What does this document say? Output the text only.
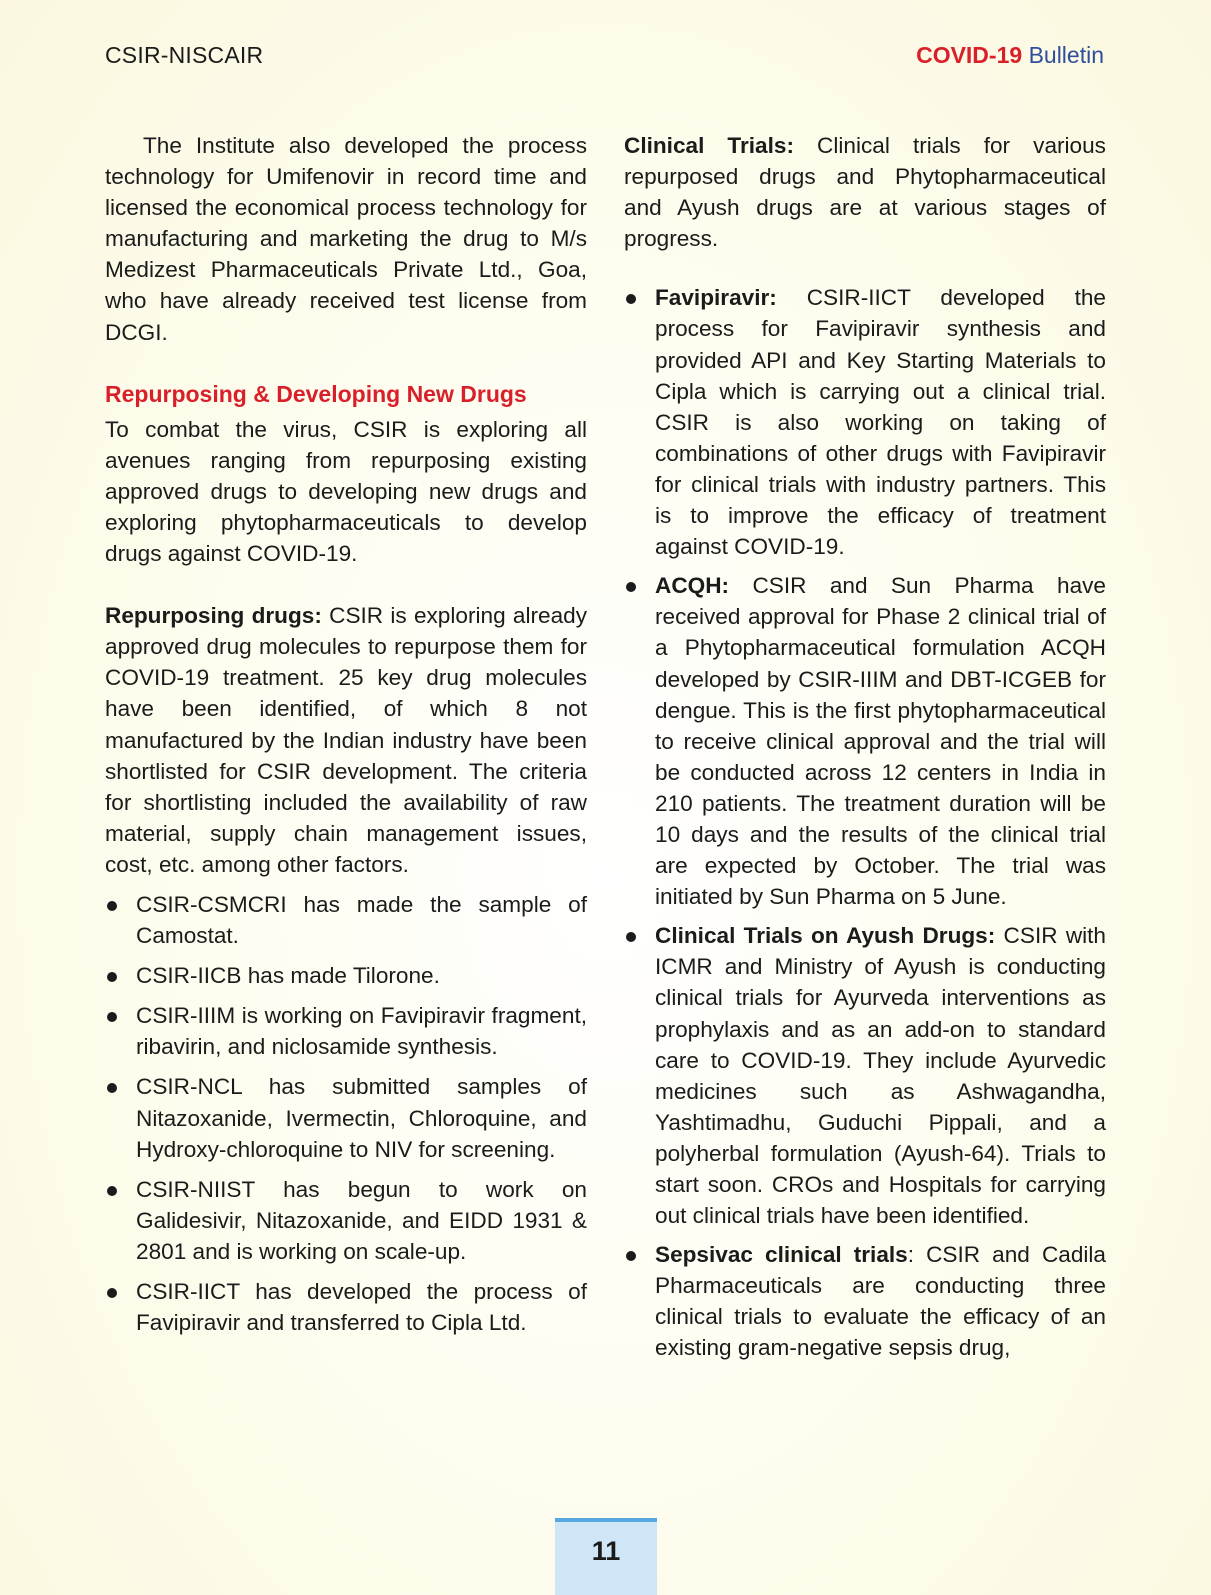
CSIR-NISCAIR	COVID-19 Bulletin

The Institute also developed the process technology for Umifenovir in record time and licensed the economical process technology for manufacturing and marketing the drug to M/s Medizest Pharmaceuticals Private Ltd., Goa, who have already received test license from DCGI.

Repurposing & Developing New Drugs

To combat the virus, CSIR is exploring all avenues ranging from repurposing existing approved drugs to developing new drugs and exploring phytopharmaceuticals to develop drugs against COVID-19.

Repurposing drugs: CSIR is exploring already approved drug molecules to repurpose them for COVID-19 treatment. 25 key drug molecules have been identified, of which 8 not manufactured by the Indian industry have been shortlisted for CSIR development. The criteria for shortlisting included the availability of raw material, supply chain management issues, cost, etc. among other factors.

CSIR-CSMCRI has made the sample of Camostat.
CSIR-IICB has made Tilorone.
CSIR-IIIM is working on Favipiravir fragment, ribavirin, and niclosamide synthesis.
CSIR-NCL has submitted samples of Nitazoxanide, Ivermectin, Chloroquine, and Hydroxy-chloroquine to NIV for screening.
CSIR-NIIST has begun to work on Galidesivir, Nitazoxanide, and EIDD 1931 & 2801 and is working on scale-up.
CSIR-IICT has developed the process of Favipiravir and transferred to Cipla Ltd.

Clinical Trials: Clinical trials for various repurposed drugs and Phytopharmaceutical and Ayush drugs are at various stages of progress.

Favipiravir: CSIR-IICT developed the process for Favipiravir synthesis and provided API and Key Starting Materials to Cipla which is carrying out a clinical trial. CSIR is also working on taking of combinations of other drugs with Favipiravir for clinical trials with industry partners. This is to improve the efficacy of treatment against COVID-19.
ACQH: CSIR and Sun Pharma have received approval for Phase 2 clinical trial of a Phytopharmaceutical formulation ACQH developed by CSIR-IIIM and DBT-ICGEB for dengue. This is the first phytopharmaceutical to receive clinical approval and the trial will be conducted across 12 centers in India in 210 patients. The treatment duration will be 10 days and the results of the clinical trial are expected by October. The trial was initiated by Sun Pharma on 5 June.
Clinical Trials on Ayush Drugs: CSIR with ICMR and Ministry of Ayush is conducting clinical trials for Ayurveda interventions as prophylaxis and as an add-on to standard care to COVID-19. They include Ayurvedic medicines such as Ashwagandha, Yashtimadhu, Guduchi Pippali, and a polyherbal formulation (Ayush-64). Trials to start soon. CROs and Hospitals for carrying out clinical trials have been identified.
Sepsivac clinical trials: CSIR and Cadila Pharmaceuticals are conducting three clinical trials to evaluate the efficacy of an existing gram-negative sepsis drug,
11
